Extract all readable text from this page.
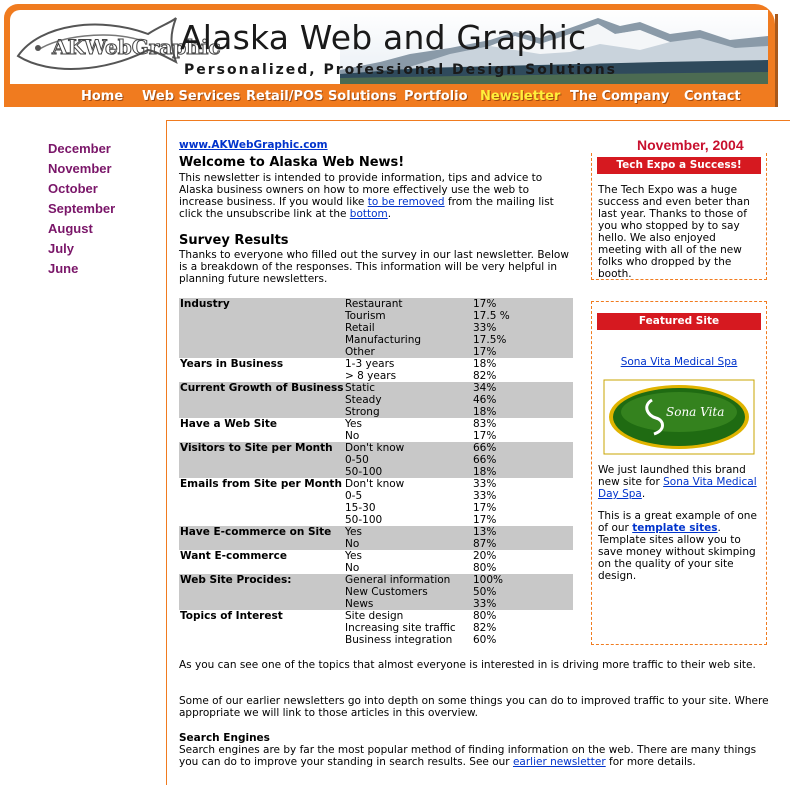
AKWebGraphic
Alaska Web and Graphic
Personalized, Professional Design Solutions
Home Web Services Retail/POS Solutions Portfolio Newsletter The Company Contact
December
November
October
September
August
July
June
www.AKWebGraphic.com	November, 2004
Welcome to Alaska Web News!
This newsletter is intended to provide information, tips and advice to Alaska business owners on how to more effectively use the web to increase business. If you would like to be removed from the mailing list click the unsubscribe link at the bottom.
Survey Results
Thanks to everyone who filled out the survey in our last newsletter. Below is a breakdown of the responses. This information will be very helpful in planning future newsletters.
Industry	Restaurant	17%
	Tourism	17.5 %
	Retail	33%
	Manufacturing	17.5%
	Other	17%
Years in Business	1-3 years	18%
	> 8 years	82%
Current Growth of Business	Static	34%
	Steady	46%
	Strong	18%
Have a Web Site	Yes	83%
	No	17%
Visitors to Site per Month	Don't know	66%
	0-50	66%
	50-100	18%
Emails from Site per Month	Don't know	33%
	0-5	33%
	15-30	17%
	50-100	17%
Have E-commerce on Site	Yes	13%
	No	87%
Want E-commerce	Yes	20%
	No	80%
Web Site Procides:	General information	100%
	New Customers	50%
	News	33%
Topics of Interest	Site design	80%
	Increasing site traffic	82%
	Business integration	60%
As you can see one of the topics that almost everyone is interested in is driving more traffic to their web site.
Some of our earlier newsletters go into depth on some things you can do to improved traffic to your site. Where appropriate we will link to those articles in this overview.
Search Engines
Search engines are by far the most popular method of finding information on the web. There are many things you can do to improve your standing in search results. See our earlier newsletter for more details.
Tech Expo a Success!
The Tech Expo was a huge success and even beter than last year. Thanks to those of you who stopped by to say hello. We also enjoyed meeting with all of the new folks who dropped by the booth.
Featured Site
Sona Vita Medical Spa
Sona Vita
We just laundhed this brand new site for Sona Vita Medical Day Spa.
This is a great example of one of our template sites. Template sites allow you to save money without skimping on the quality of your site design.
